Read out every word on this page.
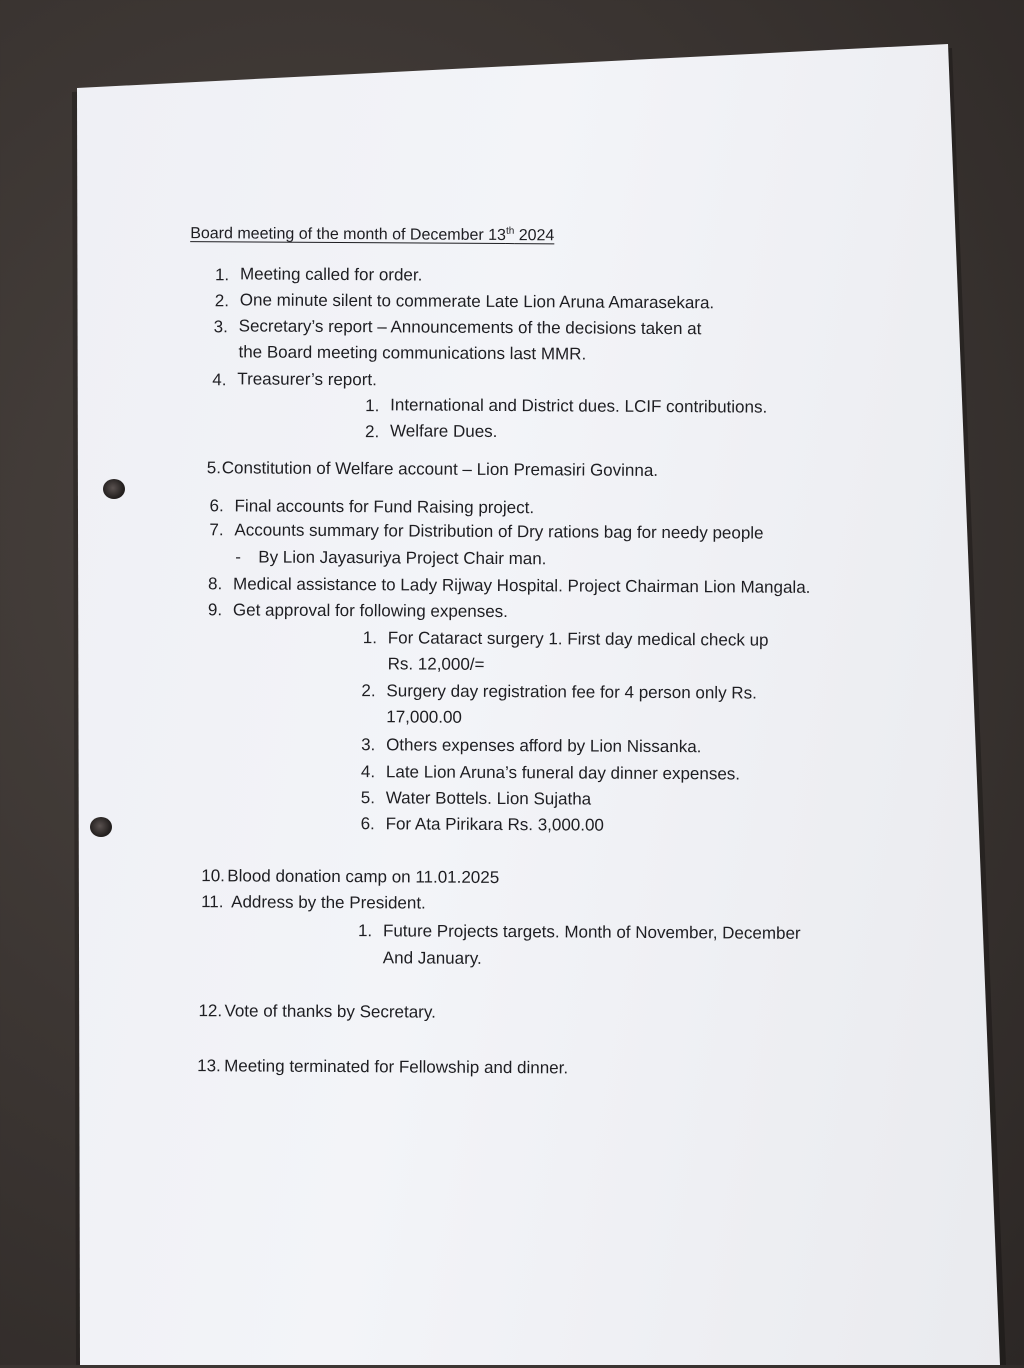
Board meeting of the month of December 13th 2024
1. Meeting called for order.
2. One minute silent to commerate Late Lion Aruna Amarasekara.
3. Secretary’s report – Announcements of the decisions taken at
the Board meeting communications last MMR.
4. Treasurer’s report.
1. International and District dues. LCIF contributions.
2. Welfare Dues.
5. Constitution of Welfare account – Lion Premasiri Govinna.
6. Final accounts for Fund Raising project.
7. Accounts summary for Distribution of Dry rations bag for needy people
- By Lion Jayasuriya Project Chair man.
8. Medical assistance to Lady Rijway Hospital. Project Chairman Lion Mangala.
9. Get approval for following expenses.
1. For Cataract surgery 1. First day medical check up
Rs. 12,000/=
2. Surgery day registration fee for 4 person only Rs.
17,000.00
3. Others expenses afford by Lion Nissanka.
4. Late Lion Aruna’s funeral day dinner expenses.
5. Water Bottels. Lion Sujatha
6. For Ata Pirikara Rs. 3,000.00
10. Blood donation camp on 11.01.2025
11. Address by the President.
1. Future Projects targets. Month of November, December
And January.
12. Vote of thanks by Secretary.
13. Meeting terminated for Fellowship and dinner.
